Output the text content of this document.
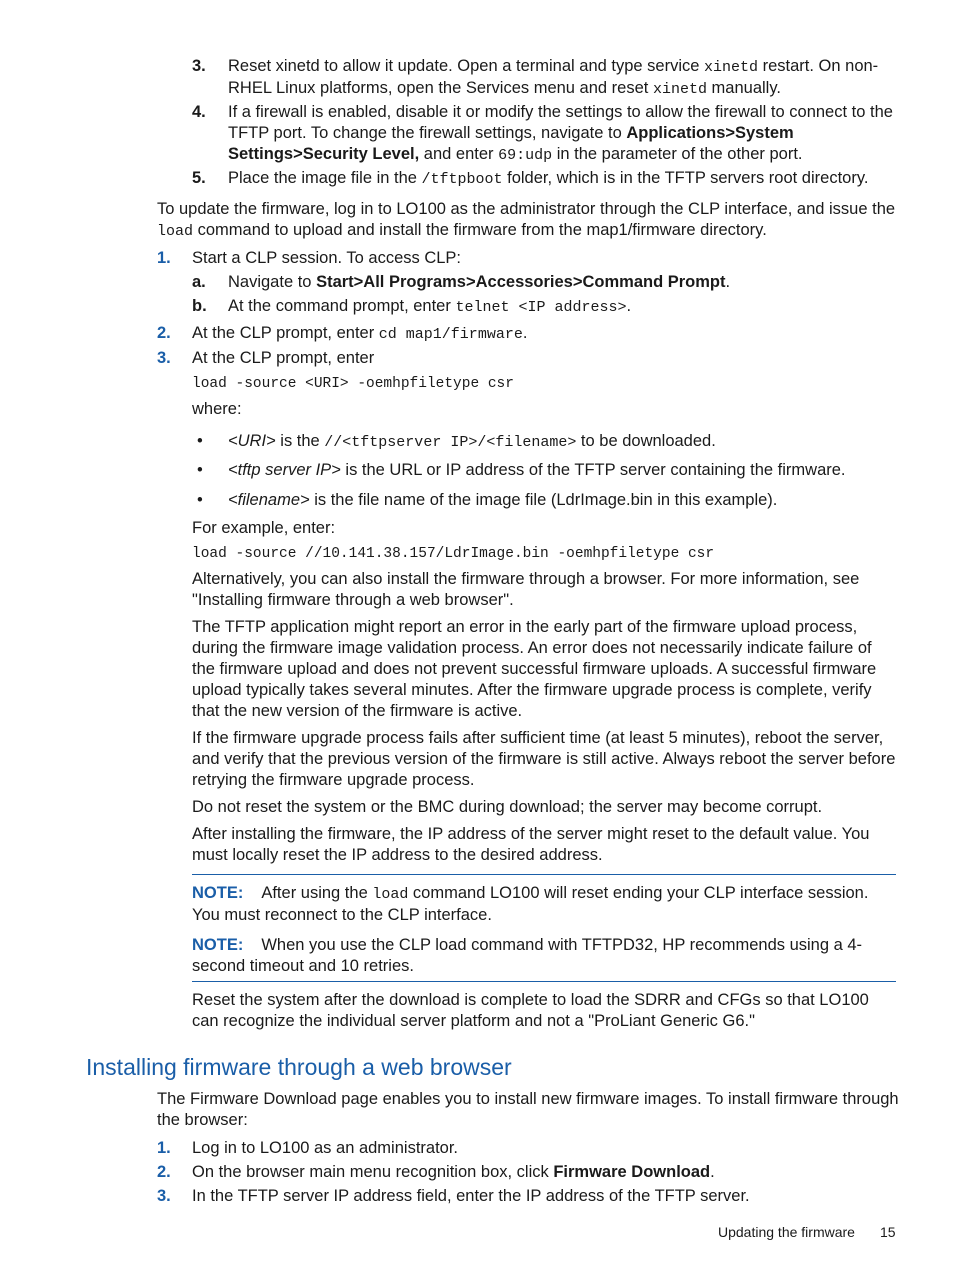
3. Reset xinetd to allow it update. Open a terminal and type service xinetd restart. On non-RHEL Linux platforms, open the Services menu and reset xinetd manually.

4. If a firewall is enabled, disable it or modify the settings to allow the firewall to connect to the TFTP port. To change the firewall settings, navigate to Applications>System Settings>Security Level, and enter 69:udp in the parameter of the other port.

5. Place the image file in the /tftpboot folder, which is in the TFTP servers root directory.

To update the firmware, log in to LO100 as the administrator through the CLP interface, and issue the load command to upload and install the firmware from the map1/firmware directory.

1. Start a CLP session. To access CLP:

a. Navigate to Start>All Programs>Accessories>Command Prompt.

b. At the command prompt, enter telnet <IP address>.

2. At the CLP prompt, enter cd map1/firmware.

3. At the CLP prompt, enter

load -source <URI> -oemhpfiletype csr

where:

• <URI> is the //<tftpserver IP>/<filename> to be downloaded.

• <tftp server IP> is the URL or IP address of the TFTP server containing the firmware.

• <filename> is the file name of the image file (LdrImage.bin in this example).

For example, enter:

load -source //10.141.38.157/LdrImage.bin -oemhpfiletype csr

Alternatively, you can also install the firmware through a browser. For more information, see "Installing firmware through a web browser".

The TFTP application might report an error in the early part of the firmware upload process, during the firmware image validation process. An error does not necessarily indicate failure of the firmware upload and does not prevent successful firmware uploads. A successful firmware upload typically takes several minutes. After the firmware upgrade process is complete, verify that the new version of the firmware is active.

If the firmware upgrade process fails after sufficient time (at least 5 minutes), reboot the server, and verify that the previous version of the firmware is still active. Always reboot the server before retrying the firmware upgrade process.

Do not reset the system or the BMC during download; the server may become corrupt.

After installing the firmware, the IP address of the server might reset to the default value. You must locally reset the IP address to the desired address.

NOTE: After using the load command LO100 will reset ending your CLP interface session. You must reconnect to the CLP interface.

NOTE: When you use the CLP load command with TFTPD32, HP recommends using a 4-second timeout and 10 retries.

Reset the system after the download is complete to load the SDRR and CFGs so that LO100 can recognize the individual server platform and not a "ProLiant Generic G6."

Installing firmware through a web browser

The Firmware Download page enables you to install new firmware images. To install firmware through the browser:

1. Log in to LO100 as an administrator.

2. On the browser main menu recognition box, click Firmware Download.

3. In the TFTP server IP address field, enter the IP address of the TFTP server.

Updating the firmware 15
